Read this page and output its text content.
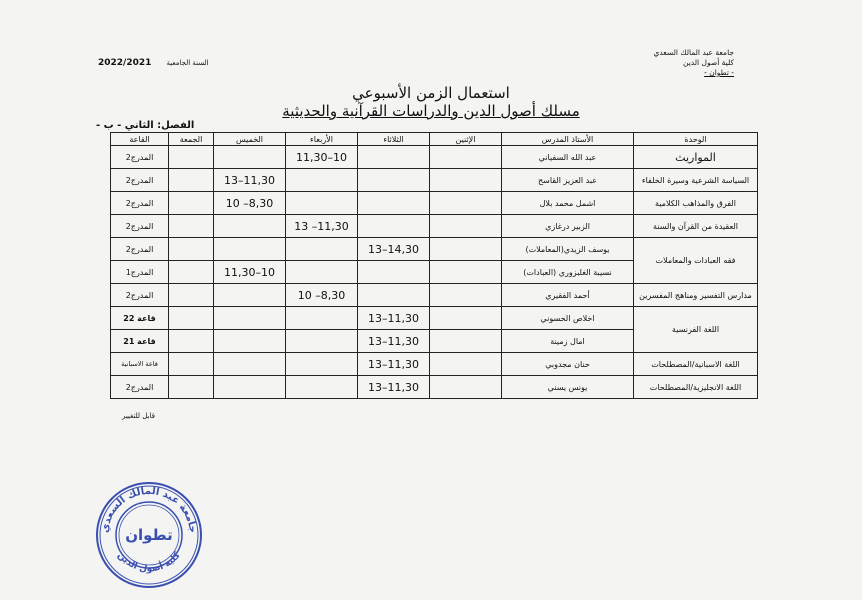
جامعة عبد المالك السعدي
كلية أصول الدين
- تطوان -
السنة الجامعية 2022/2021
استعمال الزمن الأسبوعي
مسلك أصول الدين والدراسات القرآنية والحديثية
الفصل: الثاني - ب -
الوحدة	الأستاذ المدرس	الإثنين	الثلاثاء	الأربعاء	الخميس	الجمعة	القاعة
المواريث	عبد الله السفياني			10–11,30			المدرج2
السياسة الشرعية وسيرة الخلفاء	عبد العزيز القاسح				11,30–13		المدرج2
الفرق والمذاهب الكلامية	اشمل محمد بلال				8,30– 10		المدرج2
العقيدة من القرآن والسنة	الزبير درغازي			11,30– 13			المدرج2
فقه العبادات والمعاملات	يوسف الزيدي(المعاملات)		14,30–13				المدرج2
	نسيبة الغلبزوري (العبادات)				10–11,30		المدرج1
مدارس التفسير ومناهج المفسرين	أحمد الفقيري			8,30– 10			المدرج2
اللغة الفرنسية	اخلاص الحسوني		11,30–13				قاعة 22
	امال زمينة		11,30–13				قاعة 21
اللغة الاسبانية/المصطلحات	حنان مجدوبي		11,30–13				قاعة الاسبانية
اللغة الانجليزية/المصطلحات	يونس يسني		11,30–13				المدرج2
قابل للتغيير
جامعة عبد المالك السعدي
كلية أصول الدين
تطوان
